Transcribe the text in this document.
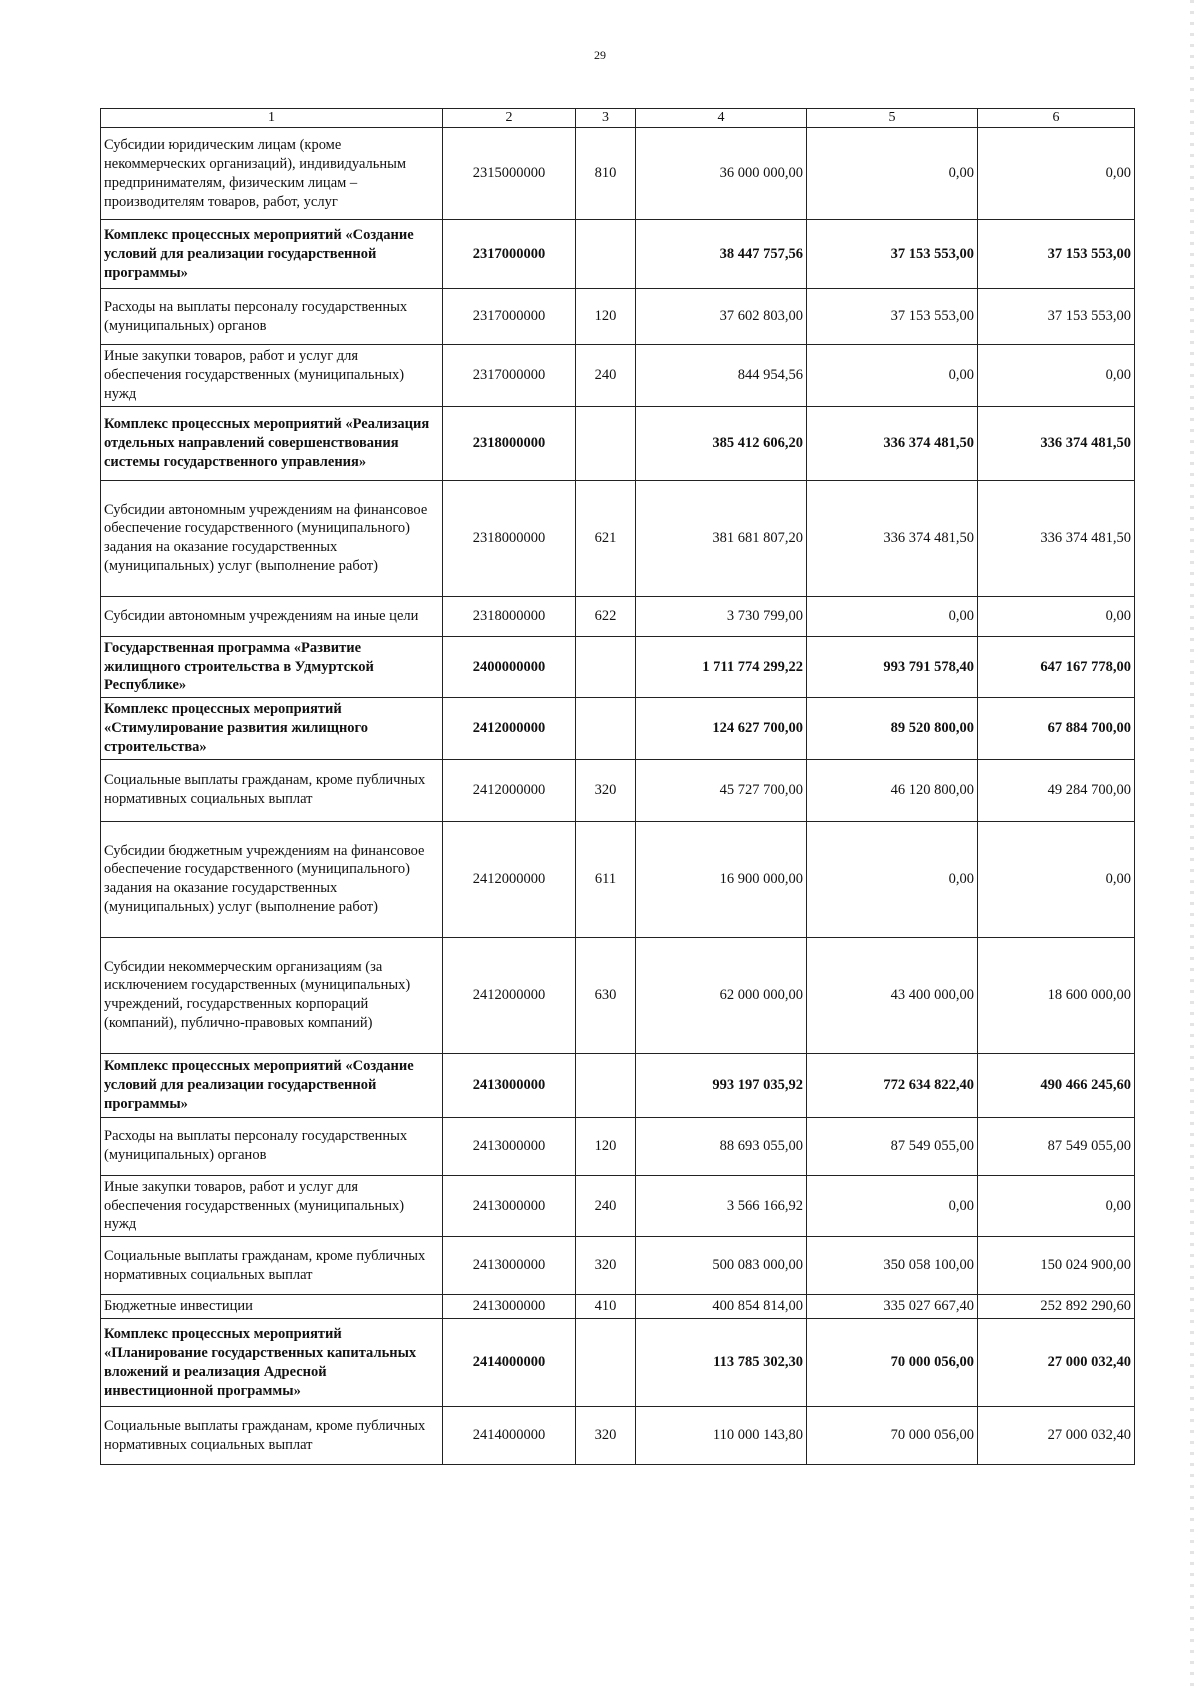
29
1	2	3	4	5	6
Субсидии юридическим лицам (кроме некоммерческих организаций), индивидуальным предпринимателям, физическим лицам – производителям товаров, работ, услуг	2315000000	810	36 000 000,00	0,00	0,00
Комплекс процессных мероприятий «Создание условий для реализации государственной программы»	2317000000		38 447 757,56	37 153 553,00	37 153 553,00
Расходы на выплаты персоналу государственных (муниципальных) органов	2317000000	120	37 602 803,00	37 153 553,00	37 153 553,00
Иные закупки товаров, работ и услуг для обеспечения государственных (муниципальных) нужд	2317000000	240	844 954,56	0,00	0,00
Комплекс процессных мероприятий «Реализация отдельных направлений совершенствования системы государственного управления»	2318000000		385 412 606,20	336 374 481,50	336 374 481,50
Субсидии автономным учреждениям на финансовое обеспечение государственного (муниципального) задания на оказание государственных (муниципальных) услуг (выполнение работ)	2318000000	621	381 681 807,20	336 374 481,50	336 374 481,50
Субсидии автономным учреждениям на иные цели	2318000000	622	3 730 799,00	0,00	0,00
Государственная программа «Развитие жилищного строительства в Удмуртской Республике»	2400000000		1 711 774 299,22	993 791 578,40	647 167 778,00
Комплекс процессных мероприятий «Стимулирование развития жилищного строительства»	2412000000		124 627 700,00	89 520 800,00	67 884 700,00
Социальные выплаты гражданам, кроме публичных нормативных социальных выплат	2412000000	320	45 727 700,00	46 120 800,00	49 284 700,00
Субсидии бюджетным учреждениям на финансовое обеспечение государственного (муниципального) задания на оказание государственных (муниципальных) услуг (выполнение работ)	2412000000	611	16 900 000,00	0,00	0,00
Субсидии некоммерческим организациям (за исключением государственных (муниципальных) учреждений, государственных корпораций (компаний), публично-правовых компаний)	2412000000	630	62 000 000,00	43 400 000,00	18 600 000,00
Комплекс процессных мероприятий «Создание условий для реализации государственной программы»	2413000000		993 197 035,92	772 634 822,40	490 466 245,60
Расходы на выплаты персоналу государственных (муниципальных) органов	2413000000	120	88 693 055,00	87 549 055,00	87 549 055,00
Иные закупки товаров, работ и услуг для обеспечения государственных (муниципальных) нужд	2413000000	240	3 566 166,92	0,00	0,00
Социальные выплаты гражданам, кроме публичных нормативных социальных выплат	2413000000	320	500 083 000,00	350 058 100,00	150 024 900,00
Бюджетные инвестиции	2413000000	410	400 854 814,00	335 027 667,40	252 892 290,60
Комплекс процессных мероприятий «Планирование государственных капитальных вложений и реализация Адресной инвестиционной программы»	2414000000		113 785 302,30	70 000 056,00	27 000 032,40
Социальные выплаты гражданам, кроме публичных нормативных социальных выплат	2414000000	320	110 000 143,80	70 000 056,00	27 000 032,40
